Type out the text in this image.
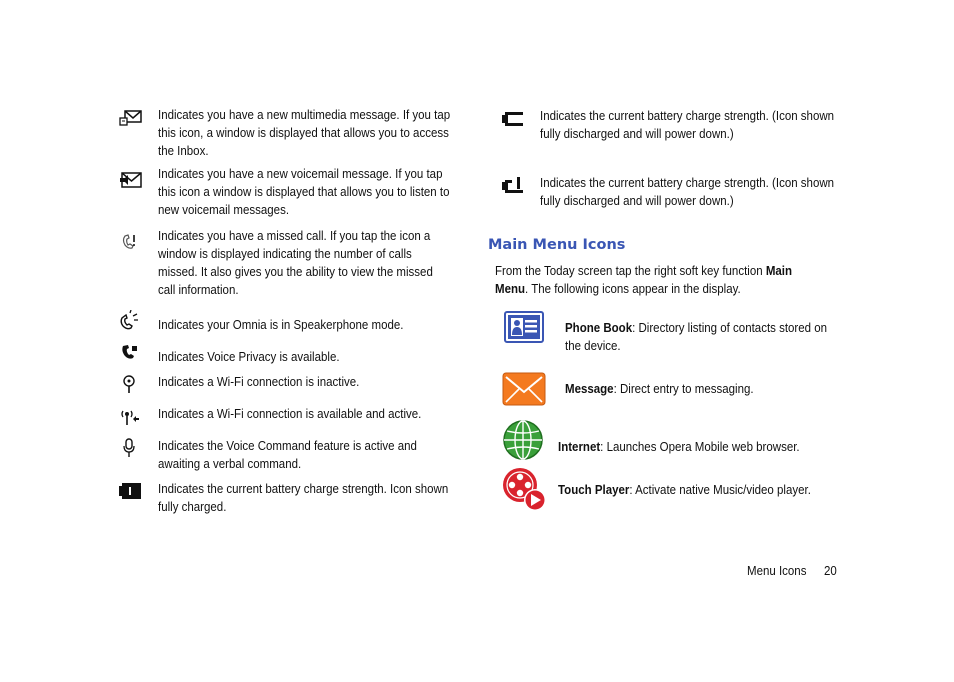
Indicates you have a new multimedia message. If you tap this icon, a window is displayed that allows you to access the Inbox.
Indicates you have a new voicemail message. If you tap this icon a window is displayed that allows you to listen to new voicemail messages.
Indicates you have a missed call. If you tap the icon a window is displayed indicating the number of calls missed. It also gives you the ability to view the missed call information.
Indicates your Omnia is in Speakerphone mode.
Indicates Voice Privacy is available.
Indicates a Wi-Fi connection is inactive.
Indicates a Wi-Fi connection is available and active.
Indicates the Voice Command feature is active and awaiting a verbal command.
Indicates the current battery charge strength. Icon shown fully charged.
Indicates the current battery charge strength. (Icon shown fully discharged and will power down.)
Indicates the current battery charge strength. (Icon shown fully discharged and will power down.)
Main Menu Icons
From the Today screen tap the right soft key function Main Menu. The following icons appear in the display.
Phone Book: Directory listing of contacts stored on the device.
Message: Direct entry to messaging.
Internet: Launches Opera Mobile web browser.
Touch Player: Activate native Music/video player.
Menu Icons 20
